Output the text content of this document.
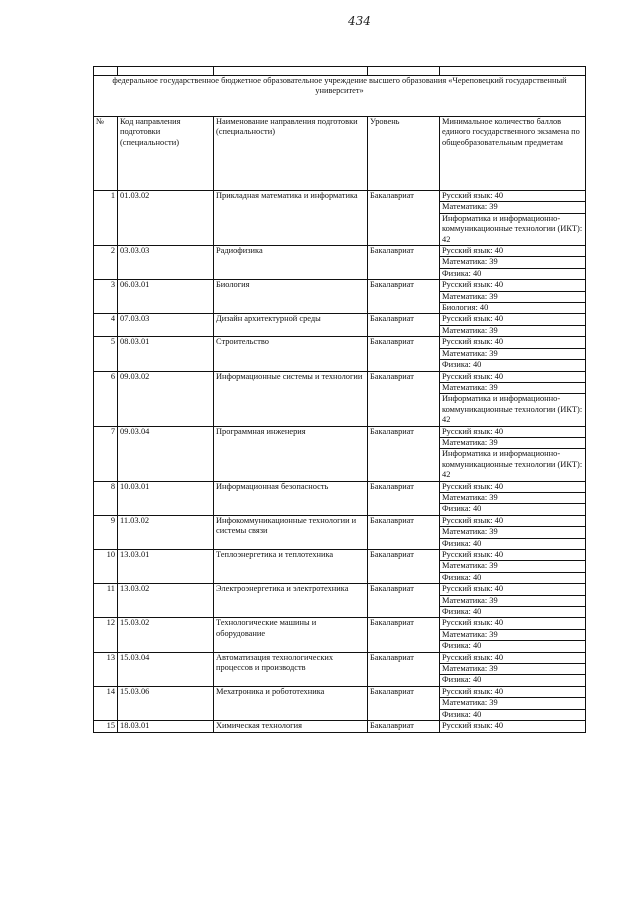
434

федеральное государственное бюджетное образовательное учреждение высшего образования «Череповецкий государственный университет»				
№	Код направления подготовки (специальности)	Наименование направления подготовки (специальности)	Уровень	Минимальное количество баллов единого государственного экзамена по общеобразовательным предметам
1	01.03.02	Прикладная математика и информатика	Бакалавриат	Русский язык: 40
				Математика: 39
				Информатика и информационно-коммуникационные технологии (ИКТ): 42
2	03.03.03	Радиофизика	Бакалавриат	Русский язык: 40
				Математика: 39
				Физика: 40
3	06.03.01	Биология	Бакалавриат	Русский язык: 40
				Математика: 39
				Биология: 40
4	07.03.03	Дизайн архитектурной среды	Бакалавриат	Русский язык: 40
				Математика: 39
5	08.03.01	Строительство	Бакалавриат	Русский язык: 40
				Математика: 39
				Физика: 40
6	09.03.02	Информационные системы и технологии	Бакалавриат	Русский язык: 40
				Математика: 39
				Информатика и информационно-коммуникационные технологии (ИКТ): 42
7	09.03.04	Программная инженерия	Бакалавриат	Русский язык: 40
				Математика: 39
				Информатика и информационно-коммуникационные технологии (ИКТ): 42
8	10.03.01	Информационная безопасность	Бакалавриат	Русский язык: 40
				Математика: 39
				Физика: 40
9	11.03.02	Инфокоммуникационные технологии и системы связи	Бакалавриат	Русский язык: 40
				Математика: 39
				Физика: 40
10	13.03.01	Теплоэнергетика и теплотехника	Бакалавриат	Русский язык: 40
				Математика: 39
				Физика: 40
11	13.03.02	Электроэнергетика и электротехника	Бакалавриат	Русский язык: 40
				Математика: 39
				Физика: 40
12	15.03.02	Технологические машины и оборудование	Бакалавриат	Русский язык: 40
				Математика: 39
				Физика: 40
13	15.03.04	Автоматизация технологических процессов и производств	Бакалавриат	Русский язык: 40
				Математика: 39
				Физика: 40
14	15.03.06	Мехатроника и робототехника	Бакалавриат	Русский язык: 40
				Математика: 39
				Физика: 40
15	18.03.01	Химическая технология	Бакалавриат	Русский язык: 40
